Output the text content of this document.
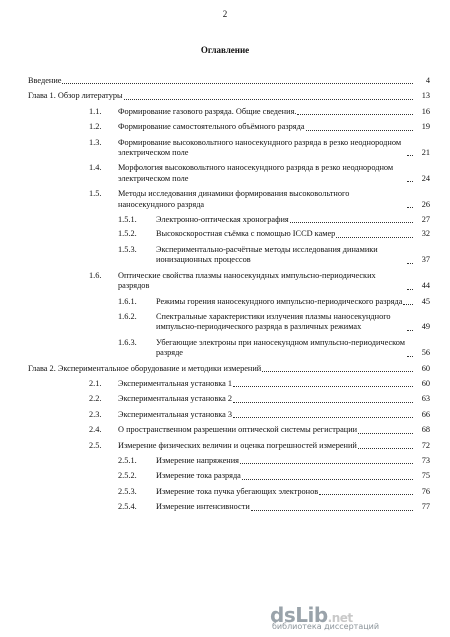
2
Оглавление
Введение	4
Глава 1. Обзор литературы	13
1.1. Формирование газового разряда. Общие сведения.	16
1.2. Формирование самостоятельного объёмного разряда	19
1.3. Формирование высоковольтного наносекундного разряда в резко неоднородном электрическом поле	21
1.4. Морфология высоковольтного наносекундного разряда в резко неоднородном электрическом поле	24
1.5. Методы исследования динамики формирования высоковольтного наносекундного разряда	26
1.5.1. Электронно-оптическая хронография	27
1.5.2. Высокоскоростная съёмка с помощью ICCD камер	32
1.5.3. Экспериментально-расчётные методы исследования динамики ионизационных процессов	37
1.6. Оптические свойства плазмы наносекундных импульсно-периодических разрядов	44
1.6.1. Режимы горения наносекундного импульсно-периодического разряда	45
1.6.2. Спектральные характеристики излучения плазмы наносекундного импульсно-периодического разряда в различных режимах	49
1.6.3. Убегающие электроны при наносекундном импульсно-периодическом разряде	56
Глава 2. Экспериментальное оборудование и методики измерений	60
2.1. Экспериментальная установка 1	60
2.2. Экспериментальная установка 2	63
2.3. Экспериментальная установка 3	66
2.4. О пространственном разрешении оптической системы регистрации	68
2.5. Измерение физических величин и оценка погрешностей измерений	72
2.5.1. Измерение напряжения	73
2.5.2. Измерение тока разряда	75
2.5.3. Измерение тока пучка убегающих электронов	76
2.5.4. Измерение интенсивности	77
dsLib.net
библиотека диссертаций
